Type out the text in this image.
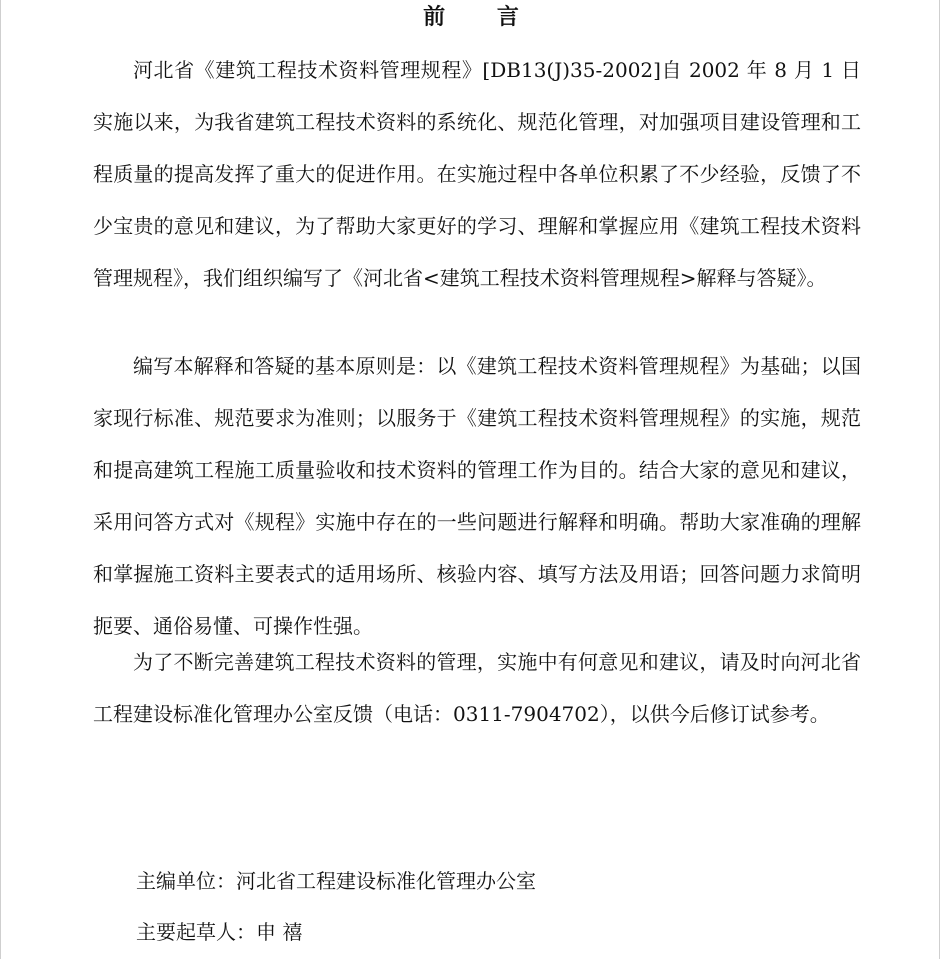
前 言

河北省《建筑工程技术资料管理规程》[DB13(J)35-2002]自 2002 年 8 月 1 日实施以来，为我省建筑工程技术资料的系统化、规范化管理，对加强项目建设管理和工程质量的提高发挥了重大的促进作用。在实施过程中各单位积累了不少经验，反馈了不少宝贵的意见和建议，为了帮助大家更好的学习、理解和掌握应用《建筑工程技术资料管理规程》，我们组织编写了《河北省<建筑工程技术资料管理规程>解释与答疑》。

编写本解释和答疑的基本原则是：以《建筑工程技术资料管理规程》为基础；以国家现行标准、规范要求为准则；以服务于《建筑工程技术资料管理规程》的实施，规范和提高建筑工程施工质量验收和技术资料的管理工作为目的。结合大家的意见和建议，采用问答方式对《规程》实施中存在的一些问题进行解释和明确。帮助大家准确的理解和掌握施工资料主要表式的适用场所、核验内容、填写方法及用语；回答问题力求简明扼要、通俗易懂、可操作性强。

为了不断完善建筑工程技术资料的管理，实施中有何意见和建议，请及时向河北省工程建设标准化管理办公室反馈（电话：0311-7904702），以供今后修订试参考。

主编单位：河北省工程建设标准化管理办公室
主要起草人：申 禧
